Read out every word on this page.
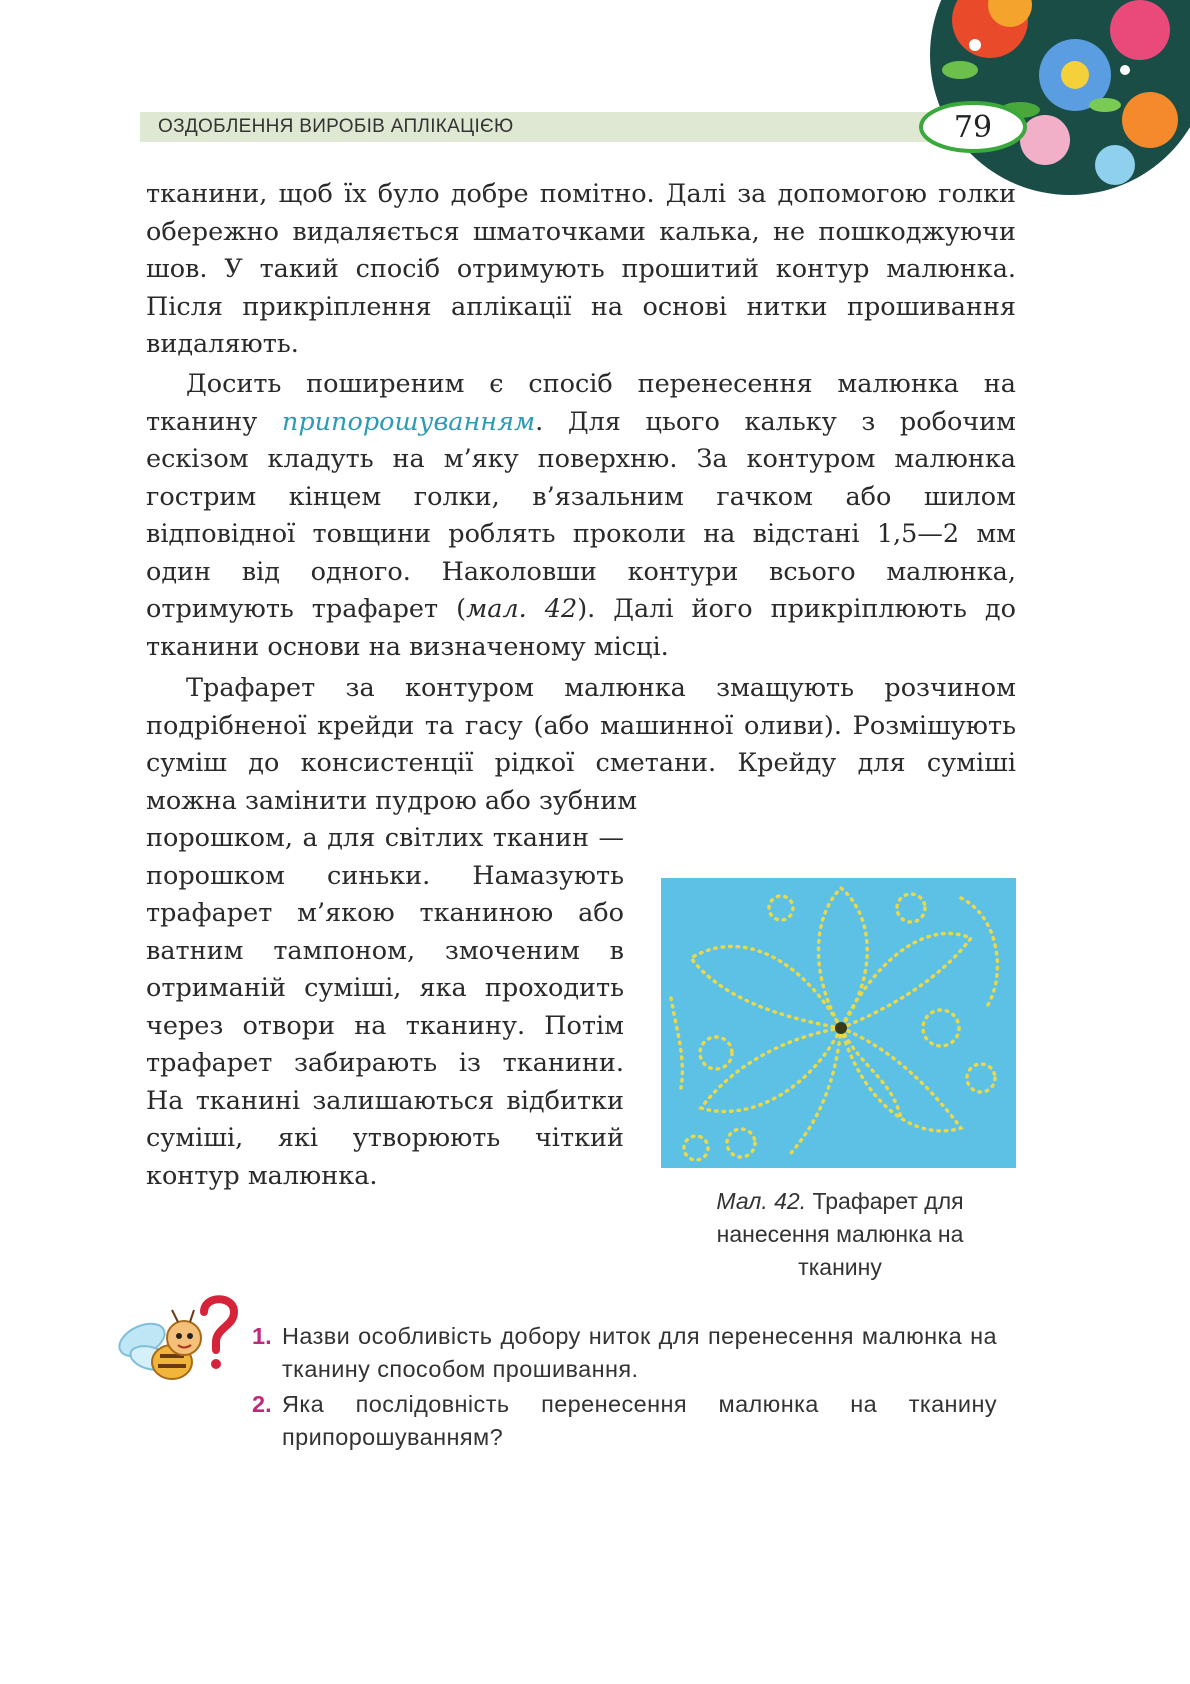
ОЗДОБЛЕННЯ ВИРОБІВ АПЛІКАЦІЄЮ	79
тканини, щоб їх було добре помітно. Далі за допомогою голки обережно видаляється шматочками калька, не пошкоджуючи шов. У такий спосіб отримують прошитий контур малюнка. Після прикріплення аплікації на основі нитки прошивання видаляють.
Досить поширеним є спосіб перенесення малюнка на тканину припорошуванням. Для цього кальку з робочим ескізом кладуть на м’яку поверхню. За контуром малюнка гострим кінцем голки, в’язальним гачком або шилом відповідної товщини роблять проколи на відстані 1,5—2 мм один від одного. Наколовши контури всього малюнка, отримують трафарет (мал. 42). Далі його прикріплюють до тканини основи на визначеному місці.
Трафарет за контуром малюнка змащують розчином подрібненої крейди та гасу (або машинної оливи). Розмішують суміш до консистенції рідкої сметани. Крейду для суміші можна замінити пудрою або зубним
порошком, а для світлих тканин — порошком синьки. Намазують трафарет м’якою тканиною або ватним тампоном, змоченим в отриманій суміші, яка проходить через отвори на тканину. Потім трафарет забирають із тканини. На тканині залишаються відбитки суміші, які утворюють чіткий контур малюнка.
Мал. 42. Трафарет для нанесення малюнка на тканину
1. Назви особливість добору ниток для перенесення малюнка на тканину способом прошивання.
2. Яка послідовність перенесення малюнка на тканину припорошуванням?
